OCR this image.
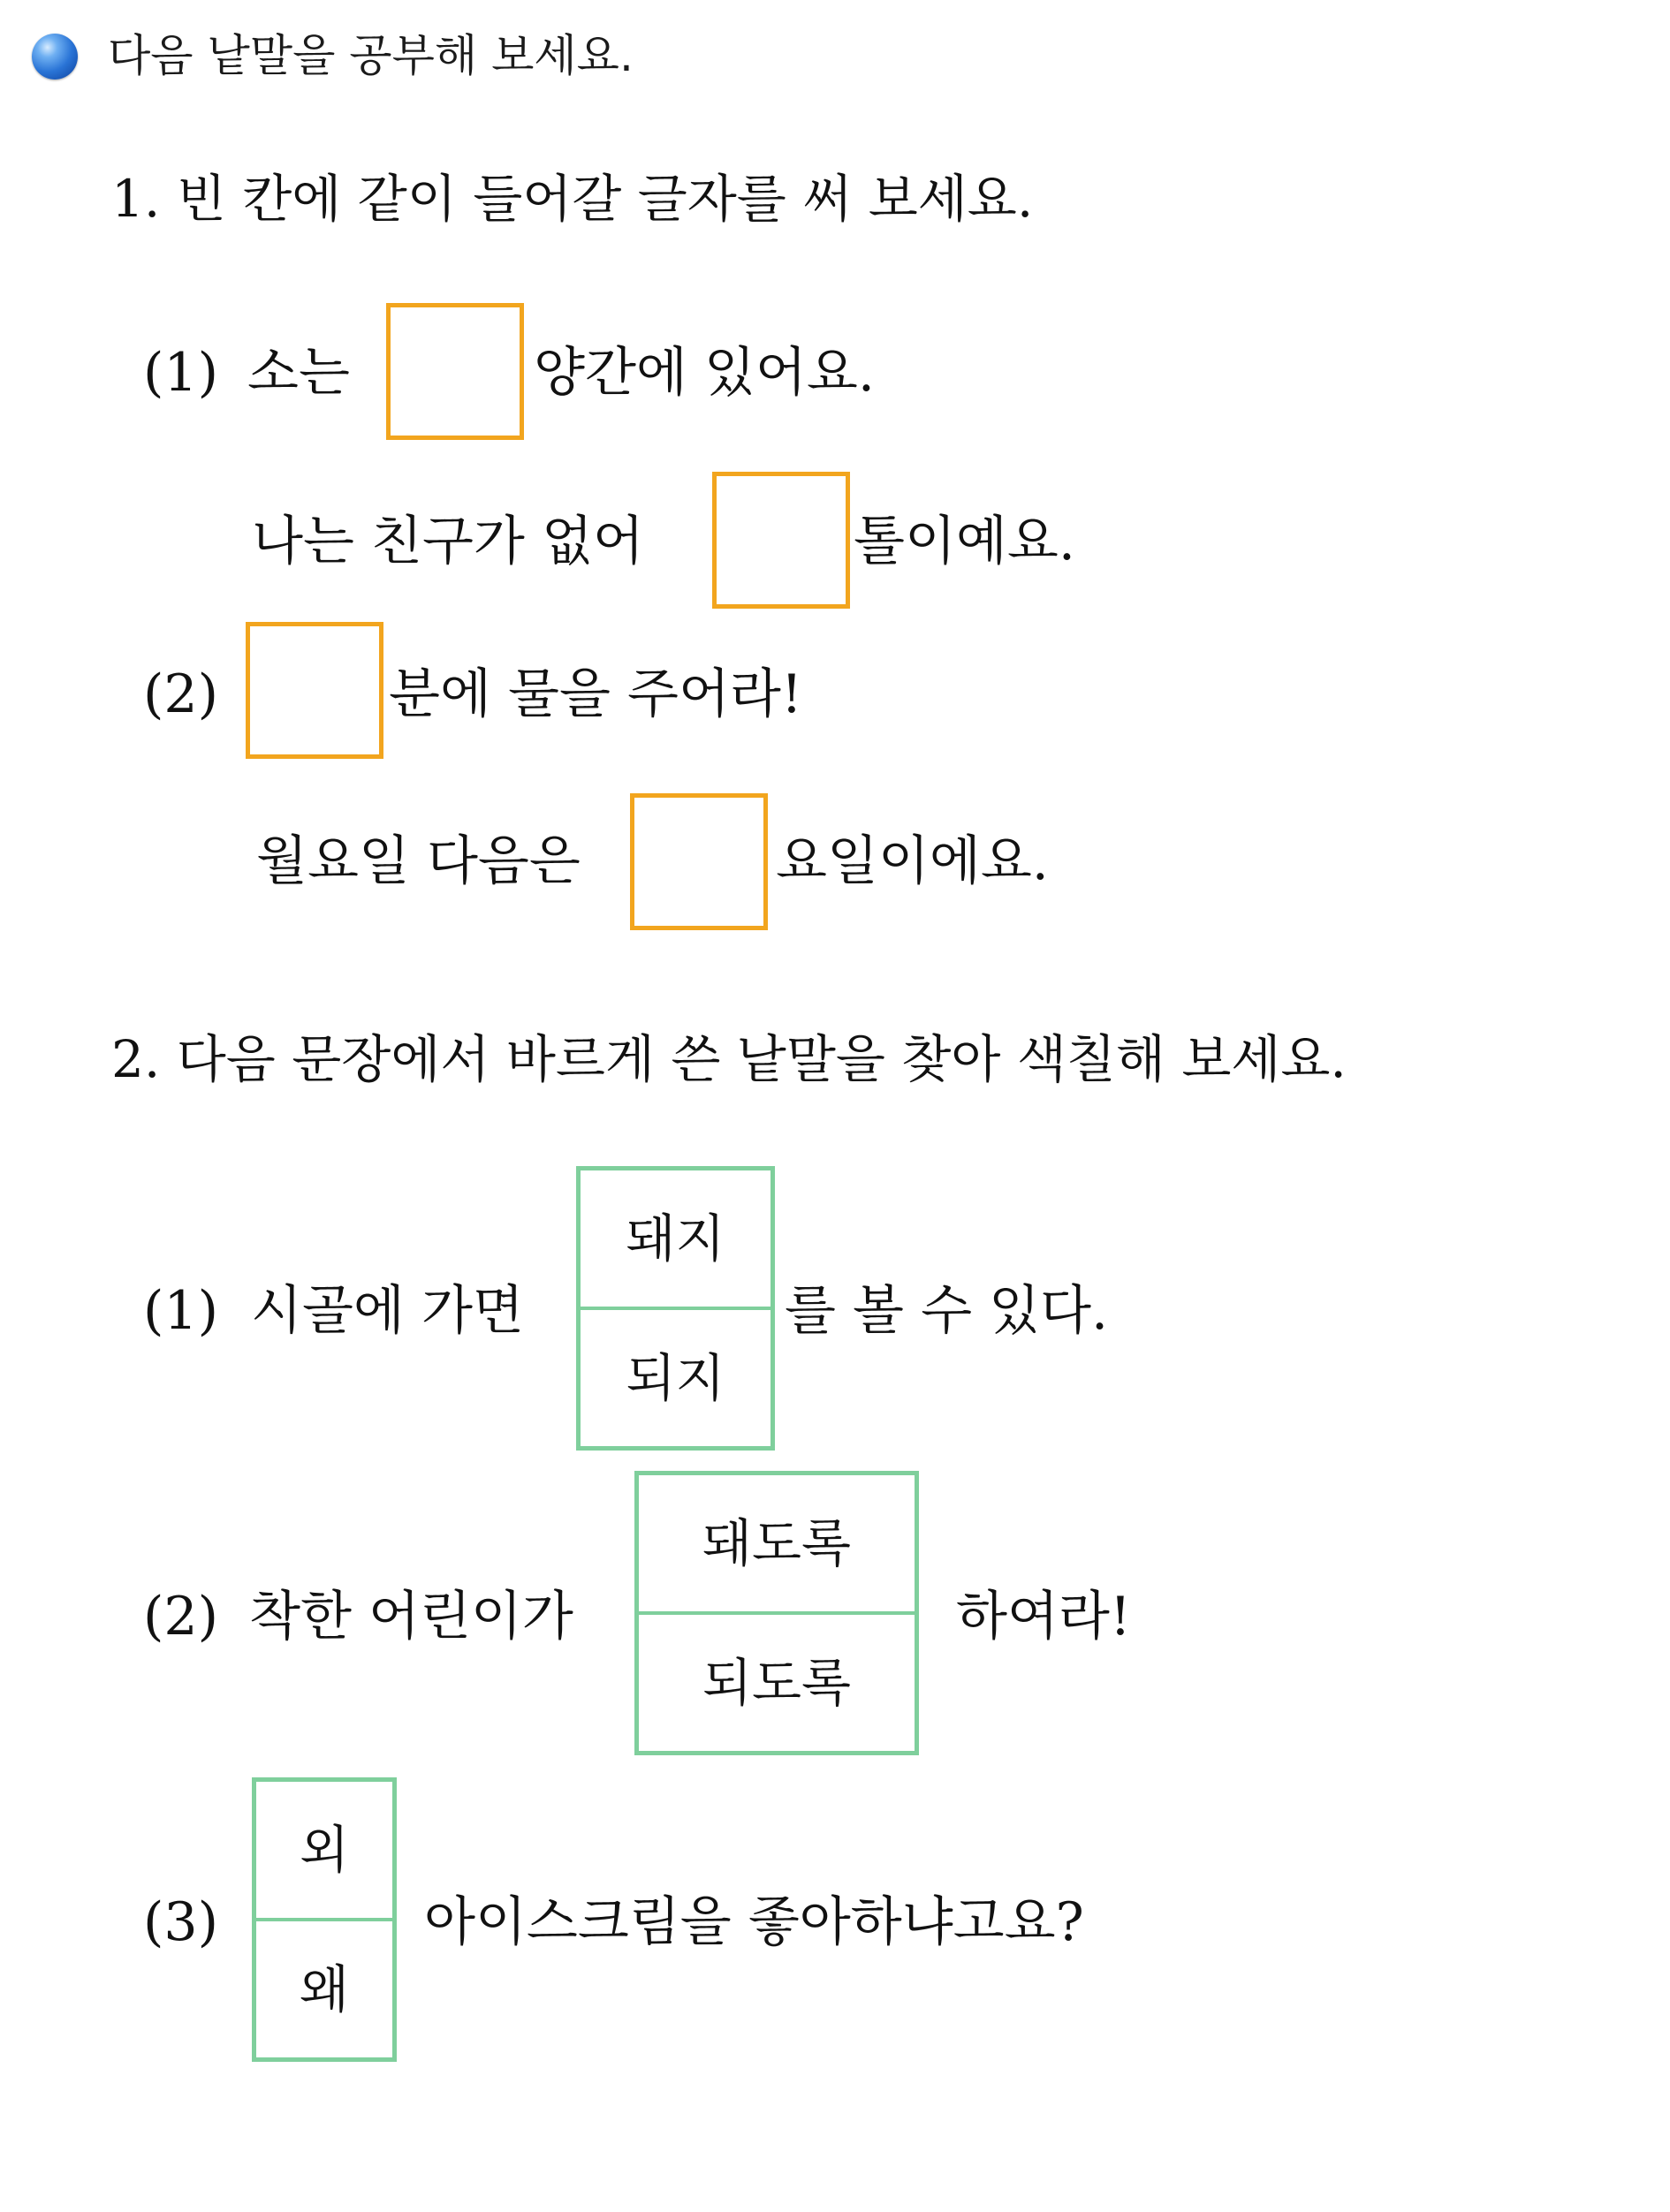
다음 낱말을 공부해 보세요.
1. 빈 칸에 같이 들어갈 글자를 써 보세요.
(1) 소는	양간에 있어요.
나는 친구가 없어	톨이예요.
(2)	분에 물을 주어라!
월요일 다음은	요일이에요.
2. 다음 문장에서 바르게 쓴 낱말을 찾아 색칠해 보세요.
(1) 시골에 가면
돼지
되지
를 볼 수 있다.
(2) 착한 어린이가
돼도록
되도록
하여라!
(3)
외
왜
아이스크림을 좋아하냐고요?
